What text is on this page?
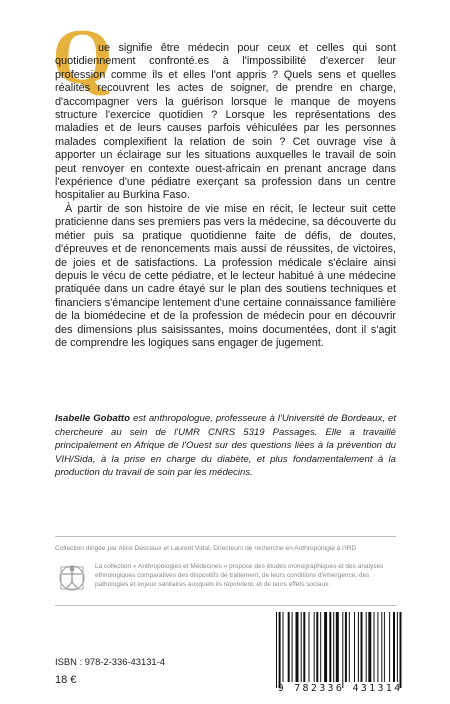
Q

ue signifie être médecin pour ceux et celles qui sont quotidiennement confronté.es à l'impossibilité d'exercer leur profession comme ils et elles l'ont appris ? Quels sens et quelles réalités recouvrent les actes de soigner, de prendre en charge, d'accompagner vers la guérison lorsque le manque de moyens structure l'exercice quotidien ? Lorsque les représentations des maladies et de leurs causes parfois véhiculées par les personnes malades complexifient la relation de soin ? Cet ouvrage vise à apporter un éclairage sur les situations auxquelles le travail de soin peut renvoyer en contexte ouest-africain en prenant ancrage dans l'expérience d'une pédiatre exerçant sa profession dans un centre hospitalier au Burkina Faso.

À partir de son histoire de vie mise en récit, le lecteur suit cette praticienne dans ses premiers pas vers la médecine, sa découverte du métier puis sa pratique quotidienne faite de défis, de doutes, d'épreuves et de renoncements mais aussi de réussites, de victoires, de joies et de satisfactions. La profession médicale s'éclaire ainsi depuis le vécu de cette pédiatre, et le lecteur habitué à une médecine pratiquée dans un cadre étayé sur le plan des soutiens techniques et financiers s'émancipe lentement d'une certaine connaissance familière de la biomédecine et de la profession de médecin pour en découvrir des dimensions plus saisissantes, moins documentées, dont il s'agit de comprendre les logiques sans engager de jugement.

Isabelle Gobatto est anthropologue, professeure à l'Université de Bordeaux, et chercheure au sein de l'UMR CNRS 5319 Passages. Elle a travaillé principalement en Afrique de l'Ouest sur des questions liées à la prévention du VIH/Sida, à la prise en charge du diabète, et plus fondamentalement à la production du travail de soin par les médecins.
Collection dirigée par Alice Desclaux et Laurent Vidal, Directeurs de recherche en Anthropologie à l'IRD
La collection « Anthropologies et Médecines » propose des études monographiques et des analyses ethnologiques comparatives des dispositifs de traitement, de leurs conditions d'émergence, des pathologies et enjeux sanitaires auxquels ils répondent, et de leurs effets sociaux.
ISBN : 978-2-336-43131-4
18 €
9 782336 431314
